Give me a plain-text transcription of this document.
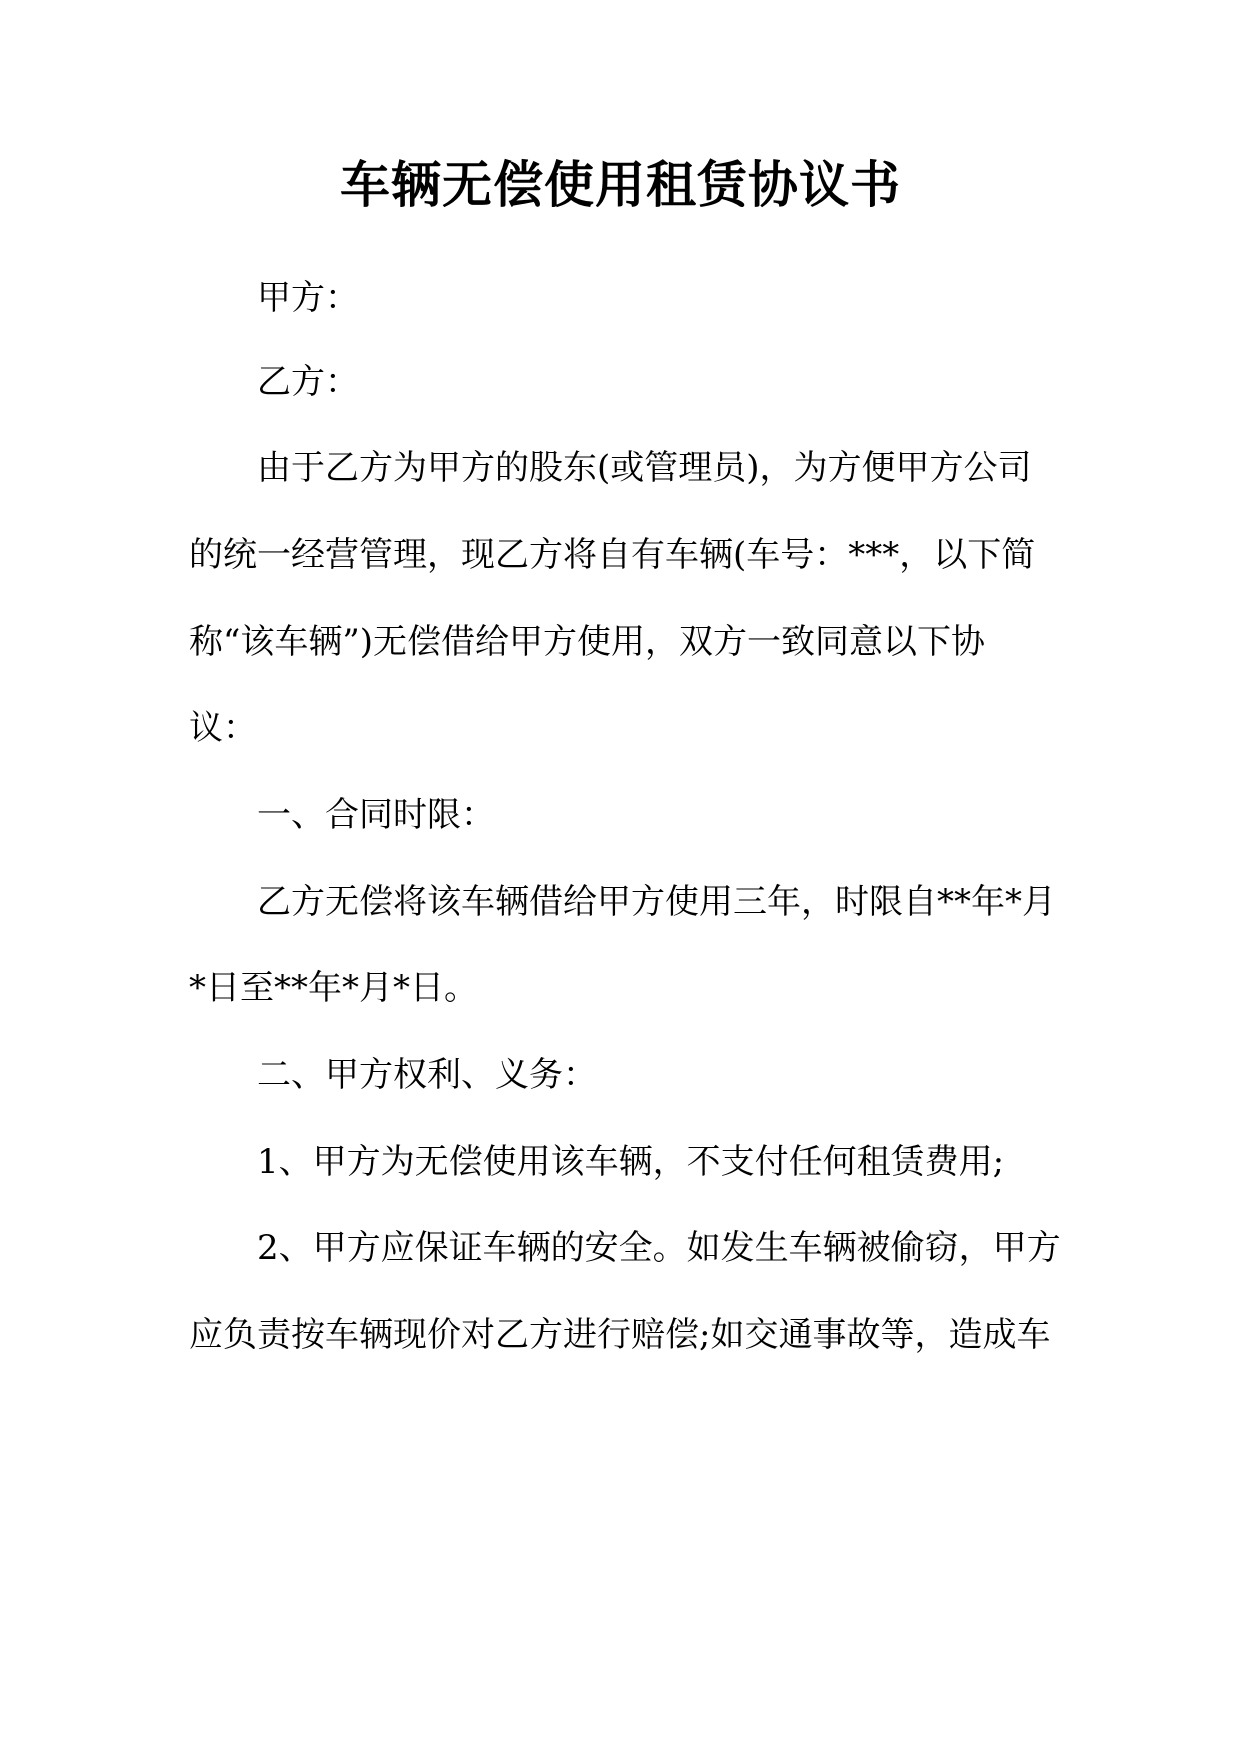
车辆无偿使用租赁协议书

甲方：

乙方：

由于乙方为甲方的股东(或管理员)，为方便甲方公司

的统一经营管理，现乙方将自有车辆(车号：***，以下简

称“该车辆”)无偿借给甲方使用，双方一致同意以下协

议：

一、合同时限：

乙方无偿将该车辆借给甲方使用三年，时限自**年*月

*日至**年*月*日。

二、甲方权利、义务：

1、甲方为无偿使用该车辆，不支付任何租赁费用;

2、甲方应保证车辆的安全。如发生车辆被偷窃，甲方

应负责按车辆现价对乙方进行赔偿;如交通事故等，造成车
